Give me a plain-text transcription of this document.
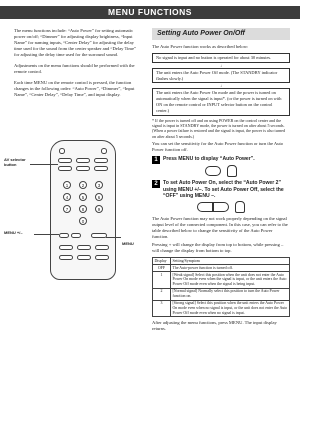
MENU FUNCTIONS

The menu functions include: “Auto Power” for setting automatic power on/off; “Dimmer” for adjusting display brightness, “Input Name” for naming inputs, “Center Delay” for adjusting the delay time used for the sound from the center speaker and “Delay Time” for adjusting the delay time used for the surround sound.

Adjustments on the menu functions should be performed with the remote control.

Each time MENU on the remote control is pressed, the function changes in the following order: “Auto Power”, “Dimmer”, “Input Name”, “Center Delay”, “Delay Time”, and input display.

1	2	3
4	5	6
7	8	9
0
AV selector button
MENU +/–
MENU
Setting Auto Power On/Off
The Auto Power function works as described below:
No signal is input and no button is operated for about 30 minutes.
↓
The unit enters the Auto Power Off mode. (The STANDBY indicator flashes slowly.)
↓
The unit enters the Auto Power On mode and the power is turned on automatically when the signal is input*. (or the power is turned on with ON on the remote control or INPUT selector button on the control center.)
* If the power is turned off and on using POWER on the control center and the signal is input in STANDBY mode, the power is turned on after about 5 seconds. (When a power failure is restored and the signal is input, the power is also turned on after about 5 seconds.)
You can set the sensitivity for the Auto Power function or turn the Auto Power function off.
1	Press MENU to display “Auto Power”.
2	To set Auto Power On, select the “Auto Power 2” using MENU +/–. To set Auto Power Off, select the “OFF” using MENU –.
The Auto Power function may not work properly depending on the signal output level of the connected component. In this case, you can refer to the table described below to change the sensitivity of the Auto Power function.
Pressing + will change the display from top to bottom, while pressing – will change the display from bottom to top.
Display	Setting/Symptom
OFF	The Auto-power function is turned off.
1	[Weak signal] Select this position when the unit does not enter the Auto Power On mode even when the signal is input, or the unit enters the Auto Power Off mode even when the signal is being input.
2	[Normal signal] Normally select this position to turn the Auto Power function on.
3	[Strong signal] Select this position when the unit enters the Auto Power On mode even when no signal is input, or the unit does not enter the Auto Power Off mode even when no signal is input.
After adjusting the menu functions, press MENU. The input display returns.
